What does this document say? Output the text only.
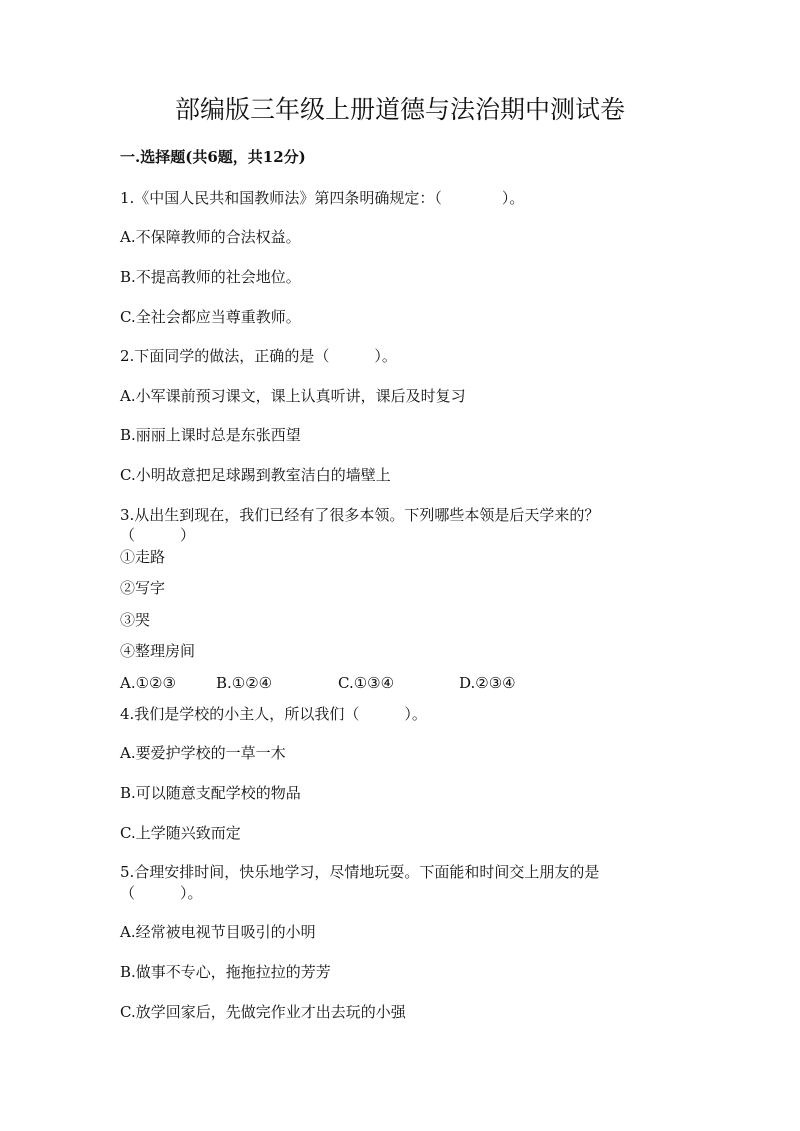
部编版三年级上册道德与法治期中测试卷
一.选择题(共6题，共12分)
1.《中国人民共和国教师法》第四条明确规定：（　　　　）。
A.不保障教师的合法权益。
B.不提高教师的社会地位。
C.全社会都应当尊重教师。
2.下面同学的做法，正确的是（　　　）。
A.小军课前预习课文，课上认真听讲，课后及时复习
B.丽丽上课时总是东张西望
C.小明故意把足球踢到教室洁白的墙壁上
3.从出生到现在，我们已经有了很多本领。下列哪些本领是后天学来的？
（　　　）
①走路
②写字
③哭
④整理房间
A.①②③	B.①②④	C.①③④	D.②③④
4.我们是学校的小主人，所以我们（　　　）。
A.要爱护学校的一草一木
B.可以随意支配学校的物品
C.上学随兴致而定
5.合理安排时间，快乐地学习，尽情地玩耍。下面能和时间交上朋友的是
（　　　）。
A.经常被电视节目吸引的小明
B.做事不专心，拖拖拉拉的芳芳
C.放学回家后，先做完作业才出去玩的小强
